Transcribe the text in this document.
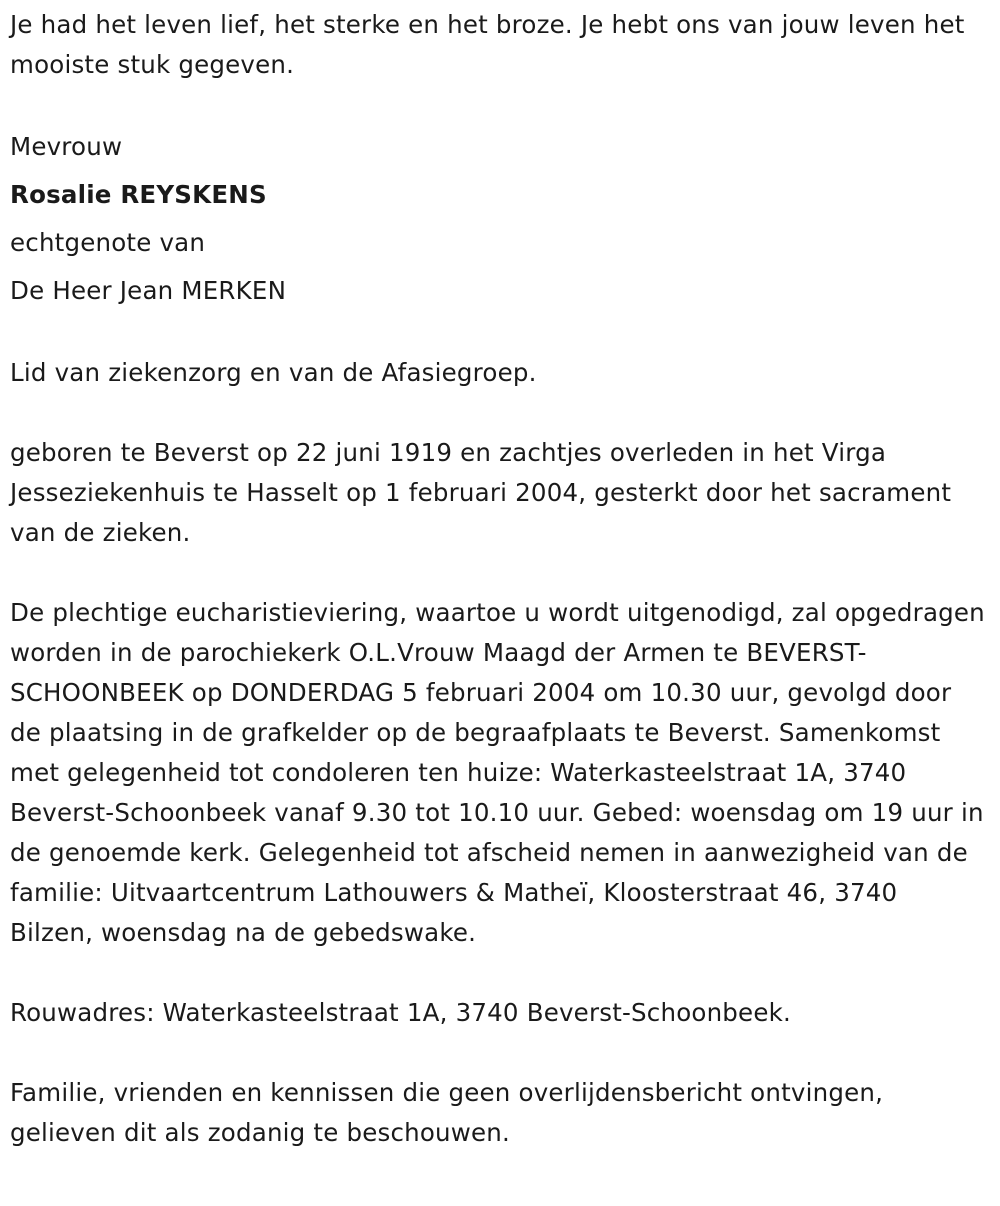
Je had het leven lief, het sterke en het broze. Je hebt ons van jouw leven het mooiste stuk gegeven.

Mevrouw

Rosalie REYSKENS

echtgenote van

De Heer Jean MERKEN

Lid van ziekenzorg en van de Afasiegroep.

geboren te Beverst op 22 juni 1919 en zachtjes overleden in het Virga Jesseziekenhuis te Hasselt op 1 februari 2004, gesterkt door het sacrament van de zieken.

De plechtige eucharistieviering, waartoe u wordt uitgenodigd, zal opgedragen worden in de parochiekerk O.L.Vrouw Maagd der Armen te BEVERST-SCHOONBEEK op DONDERDAG 5 februari 2004 om 10.30 uur, gevolgd door de plaatsing in de grafkelder op de begraafplaats te Beverst. Samenkomst met gelegenheid tot condoleren ten huize: Waterkasteelstraat 1A, 3740 Beverst-Schoonbeek vanaf 9.30 tot 10.10 uur. Gebed: woensdag om 19 uur in de genoemde kerk. Gelegenheid tot afscheid nemen in aanwezigheid van de familie: Uitvaartcentrum Lathouwers & Matheï, Kloosterstraat 46, 3740 Bilzen, woensdag na de gebedswake.

Rouwadres: Waterkasteelstraat 1A, 3740 Beverst-Schoonbeek.

Familie, vrienden en kennissen die geen overlijdensbericht ontvingen, gelieven dit als zodanig te beschouwen.
